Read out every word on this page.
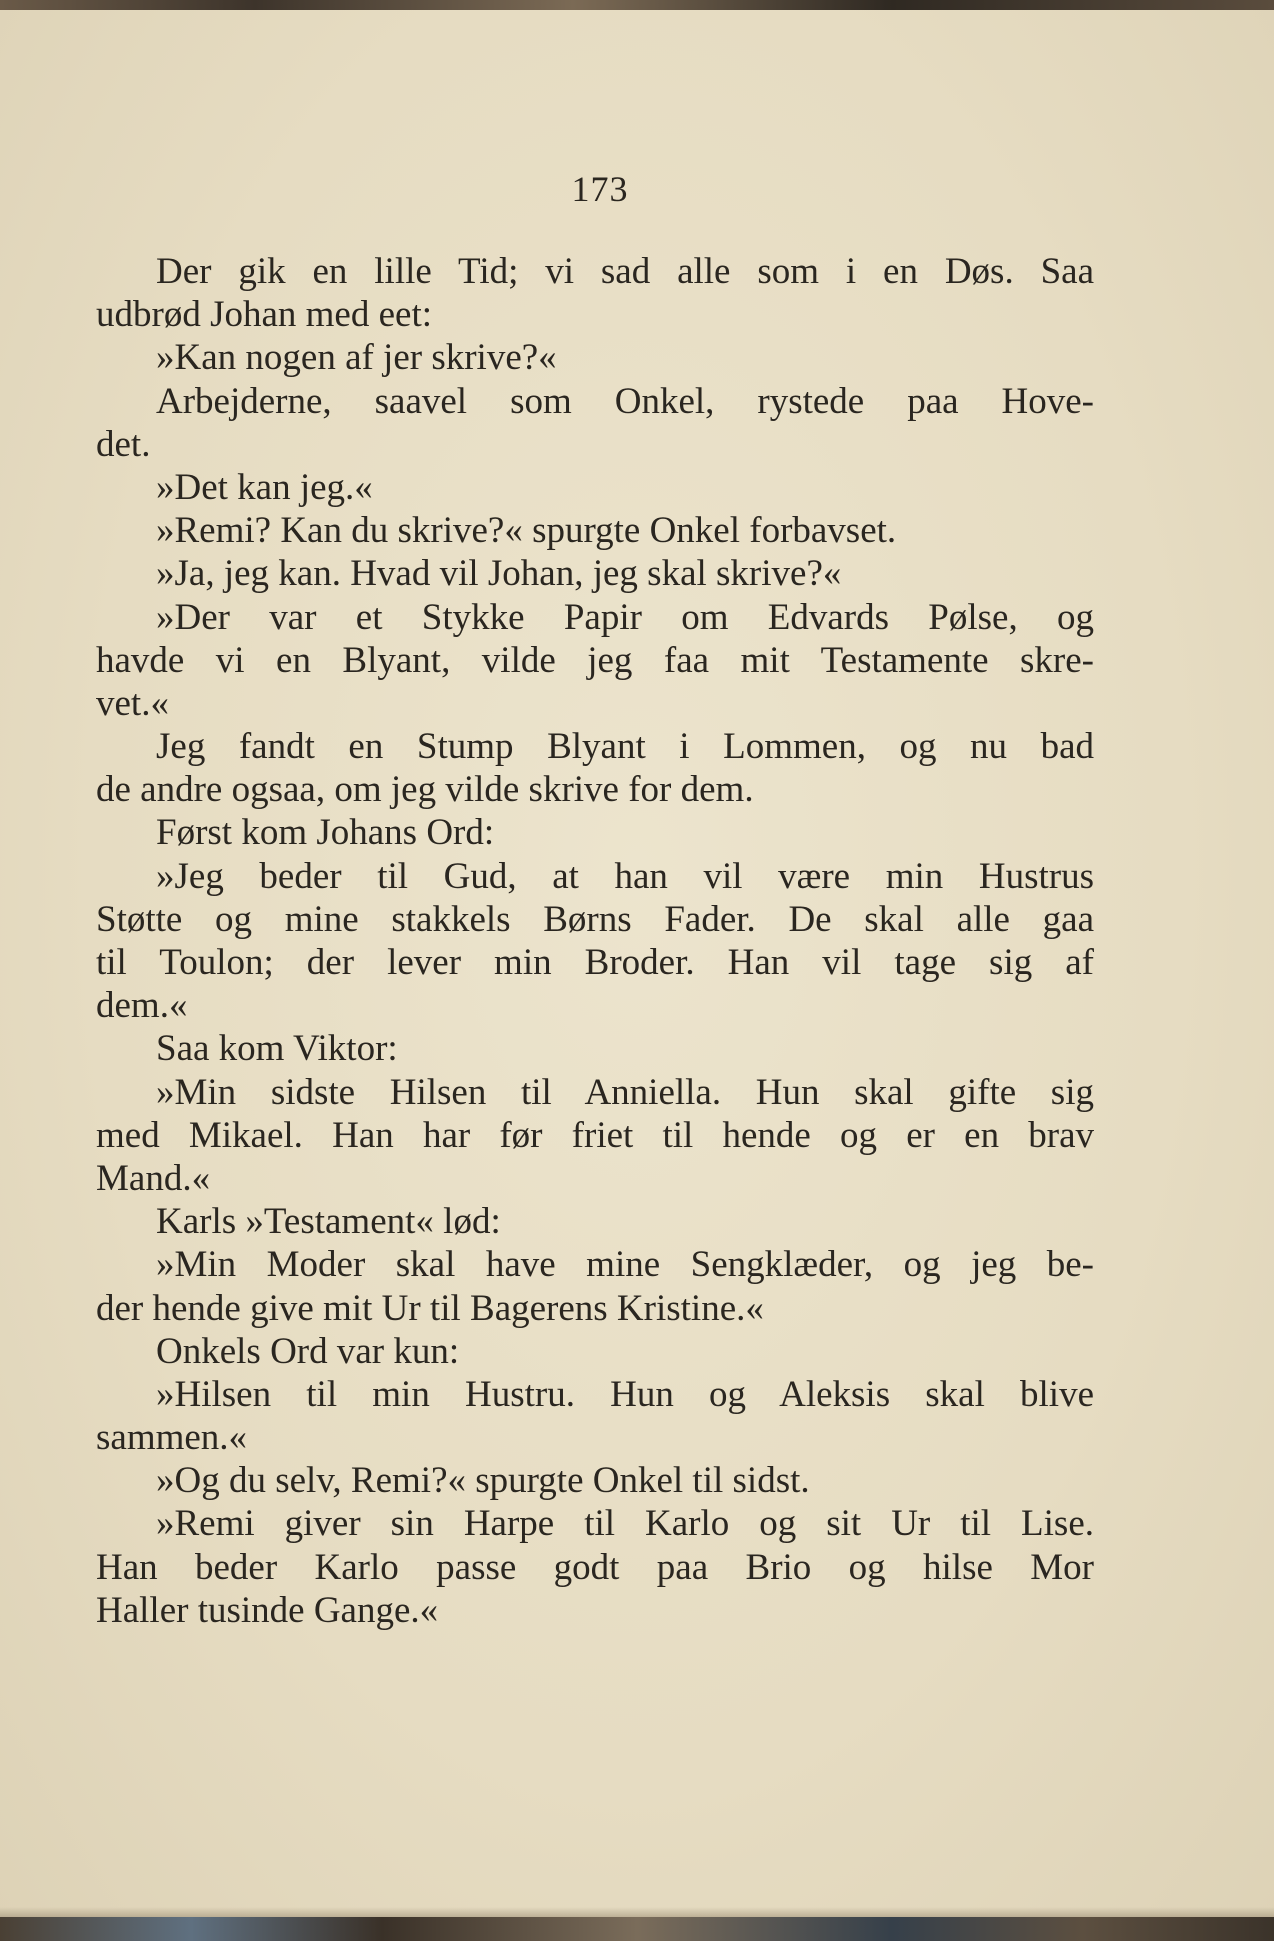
173
Der gik en lille Tid; vi sad alle som i en Døs. Saa
udbrød Johan med eet:
»Kan nogen af jer skrive?«
Arbejderne, saavel som Onkel, rystede paa Hove-
det.
»Det kan jeg.«
»Remi? Kan du skrive?« spurgte Onkel forbavset.
»Ja, jeg kan. Hvad vil Johan, jeg skal skrive?«
»Der var et Stykke Papir om Edvards Pølse, og
havde vi en Blyant, vilde jeg faa mit Testamente skre-
vet.«
Jeg fandt en Stump Blyant i Lommen, og nu bad
de andre ogsaa, om jeg vilde skrive for dem.
Først kom Johans Ord:
»Jeg beder til Gud, at han vil være min Hustrus
Støtte og mine stakkels Børns Fader. De skal alle gaa
til Toulon; der lever min Broder. Han vil tage sig af
dem.«
Saa kom Viktor:
»Min sidste Hilsen til Anniella. Hun skal gifte sig
med Mikael. Han har før friet til hende og er en brav
Mand.«
Karls »Testament« lød:
»Min Moder skal have mine Sengklæder, og jeg be-
der hende give mit Ur til Bagerens Kristine.«
Onkels Ord var kun:
»Hilsen til min Hustru. Hun og Aleksis skal blive
sammen.«
»Og du selv, Remi?« spurgte Onkel til sidst.
»Remi giver sin Harpe til Karlo og sit Ur til Lise.
Han beder Karlo passe godt paa Brio og hilse Mor
Haller tusinde Gange.«
